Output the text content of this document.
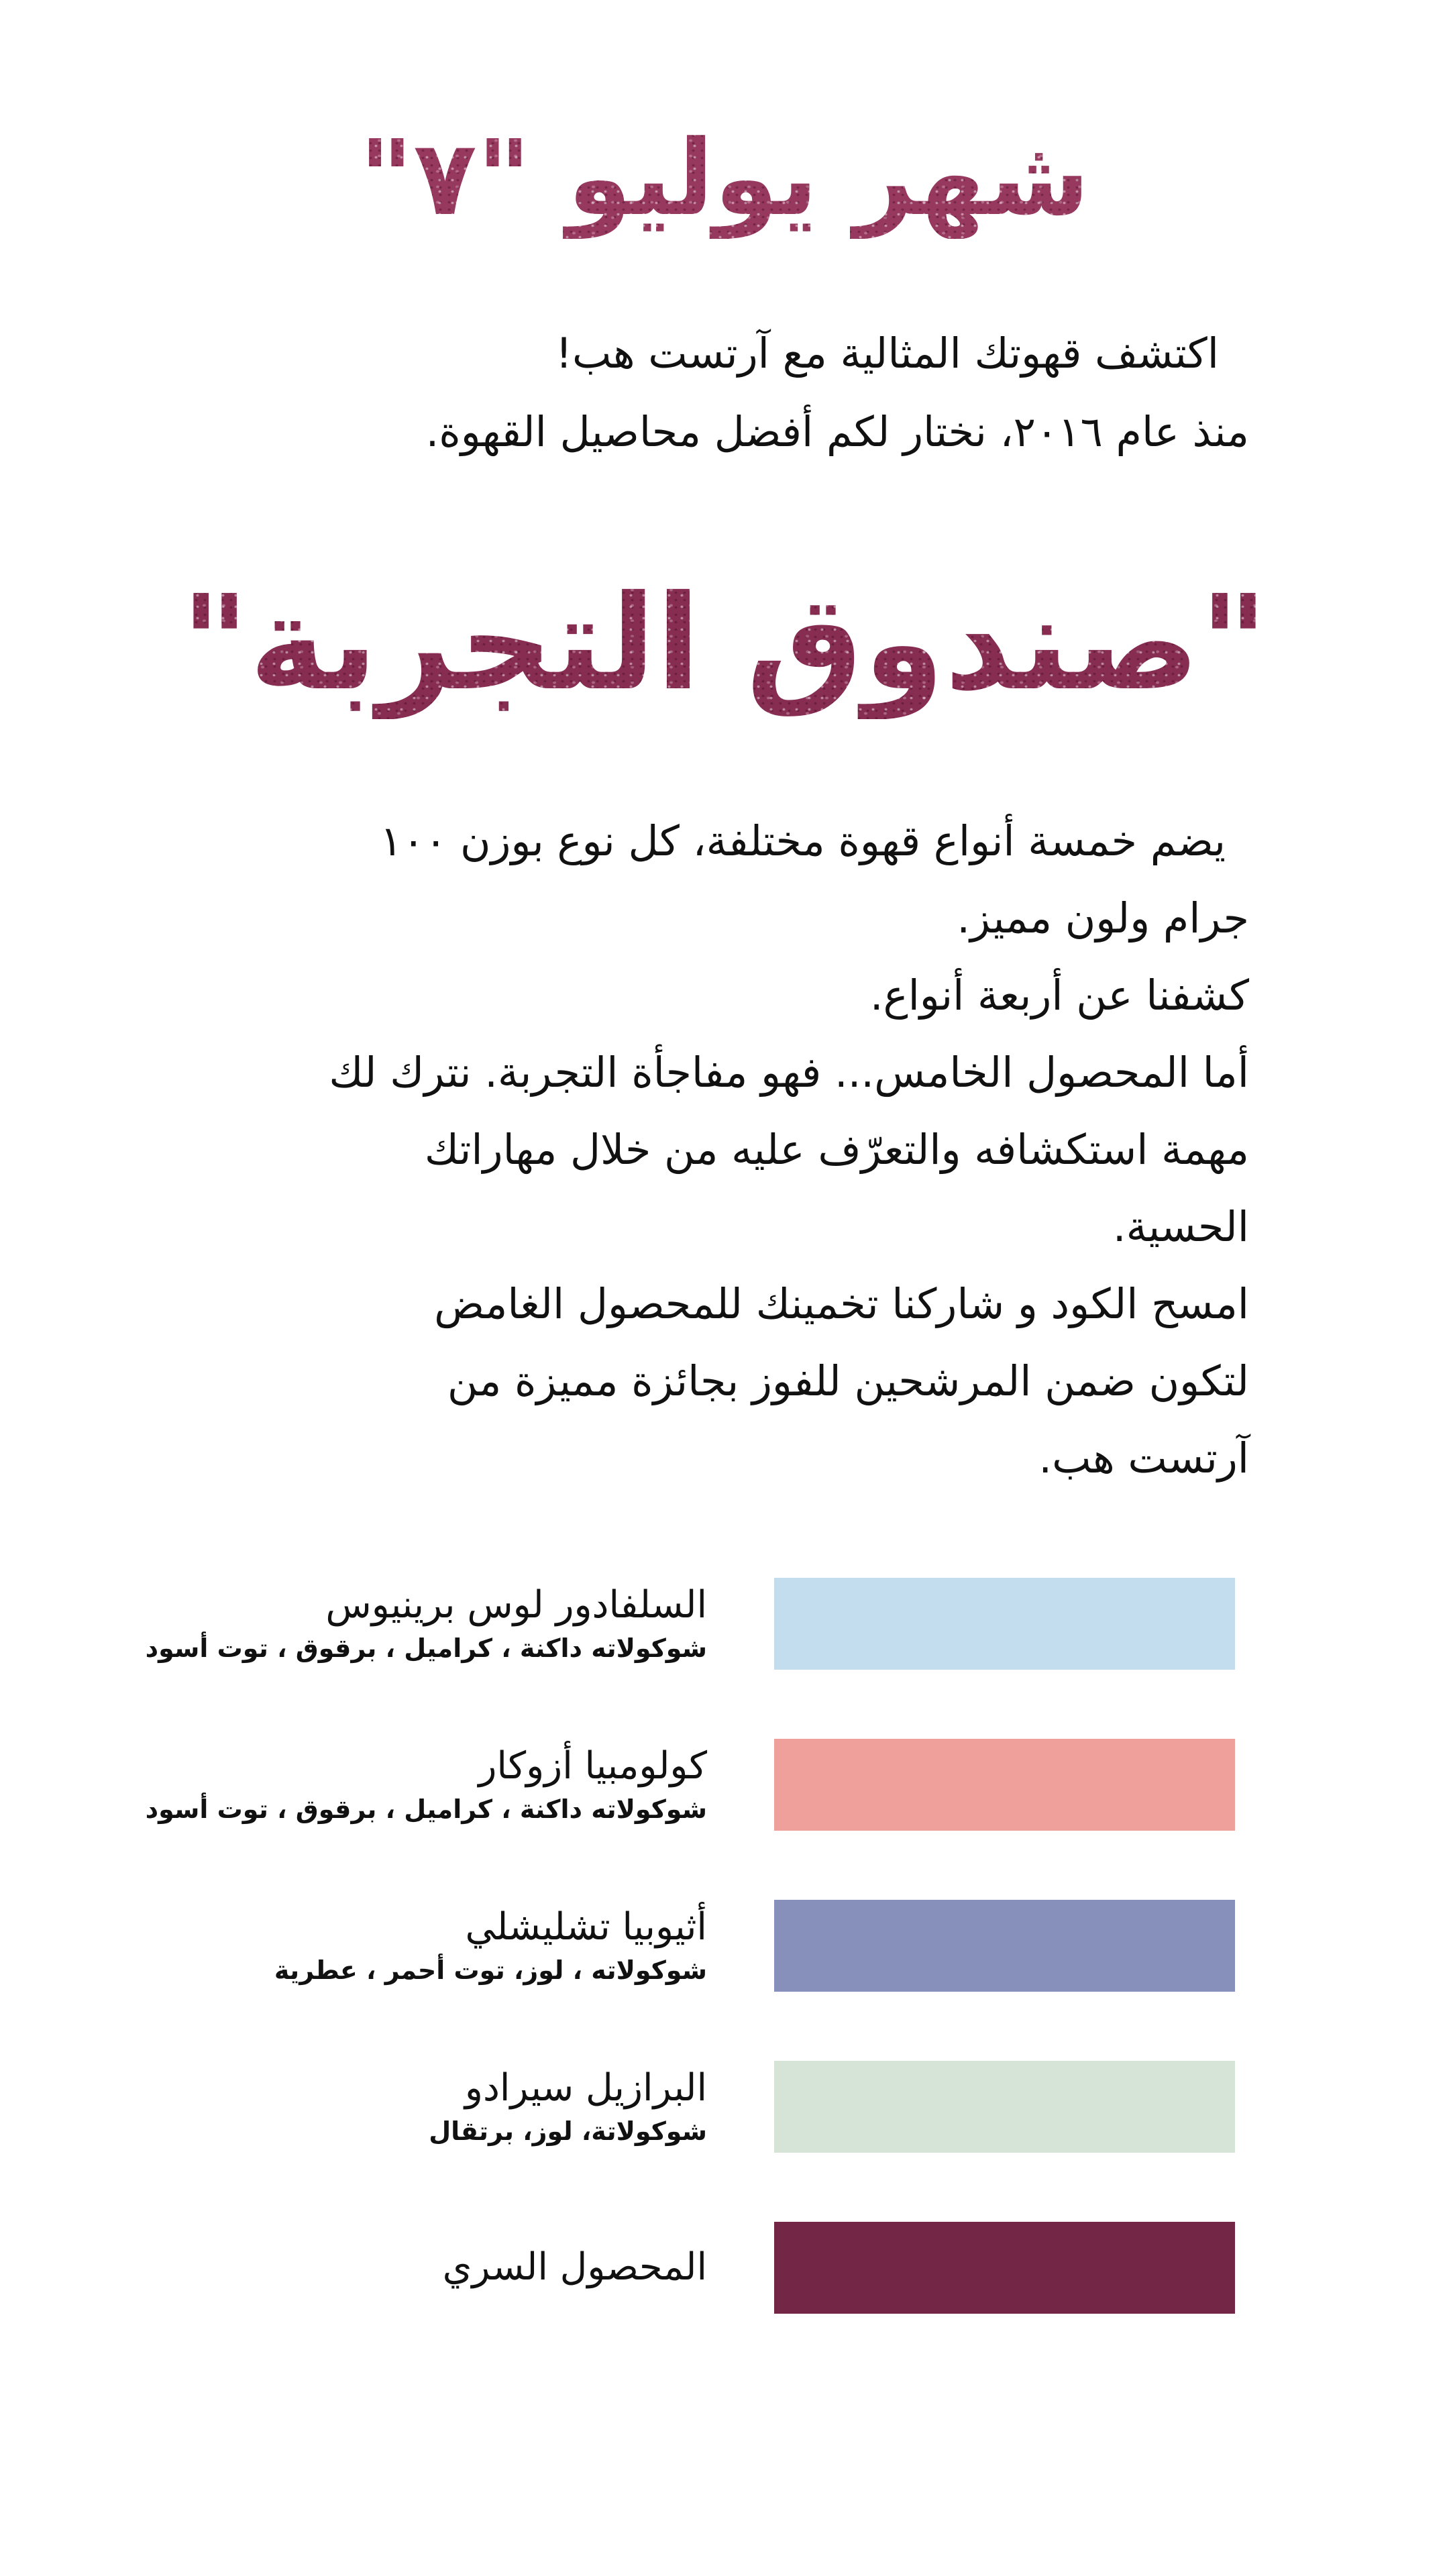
شهر يوليو "٧"
اكتشف قهوتك المثالية مع آرتست هب!
منذ عام ٢٠١٦، نختار لكم أفضل محاصيل القهوة.
"صندوق التجربة"
يضم خمسة أنواع قهوة مختلفة، كل نوع بوزن ١٠٠
جرام ولون مميز.
كشفنا عن أربعة أنواع.
أما المحصول الخامس... فهو مفاجأة التجربة. نترك لك
مهمة استكشافه والتعرّف عليه من خلال مهاراتك
الحسية.
امسح الكود و شاركنا تخمينك للمحصول الغامض
لتكون ضمن المرشحين للفوز بجائزة مميزة من
آرتست هب.
السلفادور لوس برينيوس
شوكولاته داكنة ، كراميل ، برقوق ، توت أسود
كولومبيا أزوكار
شوكولاته داكنة ، كراميل ، برقوق ، توت أسود
أثيوبيا تشليشلي
شوكولاته ، لوز، توت أحمر ، عطرية
البرازيل سيرادو
شوكولاتة، لوز، برتقال
المحصول السري
